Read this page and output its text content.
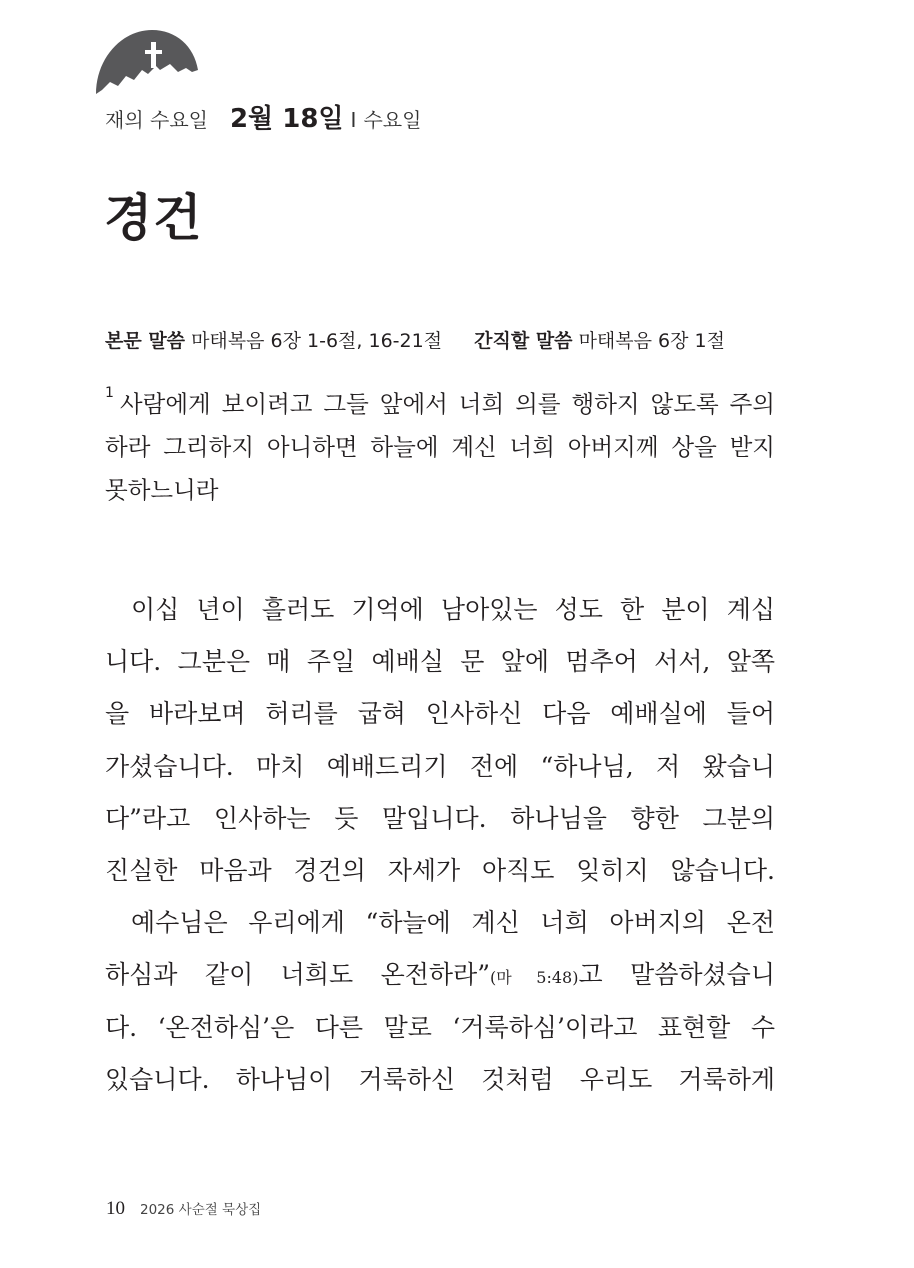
재의 수요일 2월 18일 I 수요일
경건
본문 말씀 마태복음 6장 1-6절, 16-21절 간직할 말씀 마태복음 6장 1절
$^1$ 사람에게 보이려고 그들 앞에서 너희 의를 행하지 않도록 주의
하라 그리하지 아니하면 하늘에 계신 너희 아버지께 상을 받지
못하느니라
이십 년이 흘러도 기억에 남아있는 성도 한 분이 계십
니다. 그분은 매 주일 예배실 문 앞에 멈추어 서서, 앞쪽
을 바라보며 허리를 굽혀 인사하신 다음 예배실에 들어
가셨습니다. 마치 예배드리기 전에 “하나님, 저 왔습니
다”라고 인사하는 듯 말입니다. 하나님을 향한 그분의
진실한 마음과 경건의 자세가 아직도 잊히지 않습니다.
예수님은 우리에게 “하늘에 계신 너희 아버지의 온전
하심과 같이 너희도 온전하라”(마 5:48)고 말씀하셨습니
다. ‘온전하심’은 다른 말로 ‘거룩하심’이라고 표현할 수
있습니다. 하나님이 거룩하신 것처럼 우리도 거룩하게
10 2026 사순절 묵상집
